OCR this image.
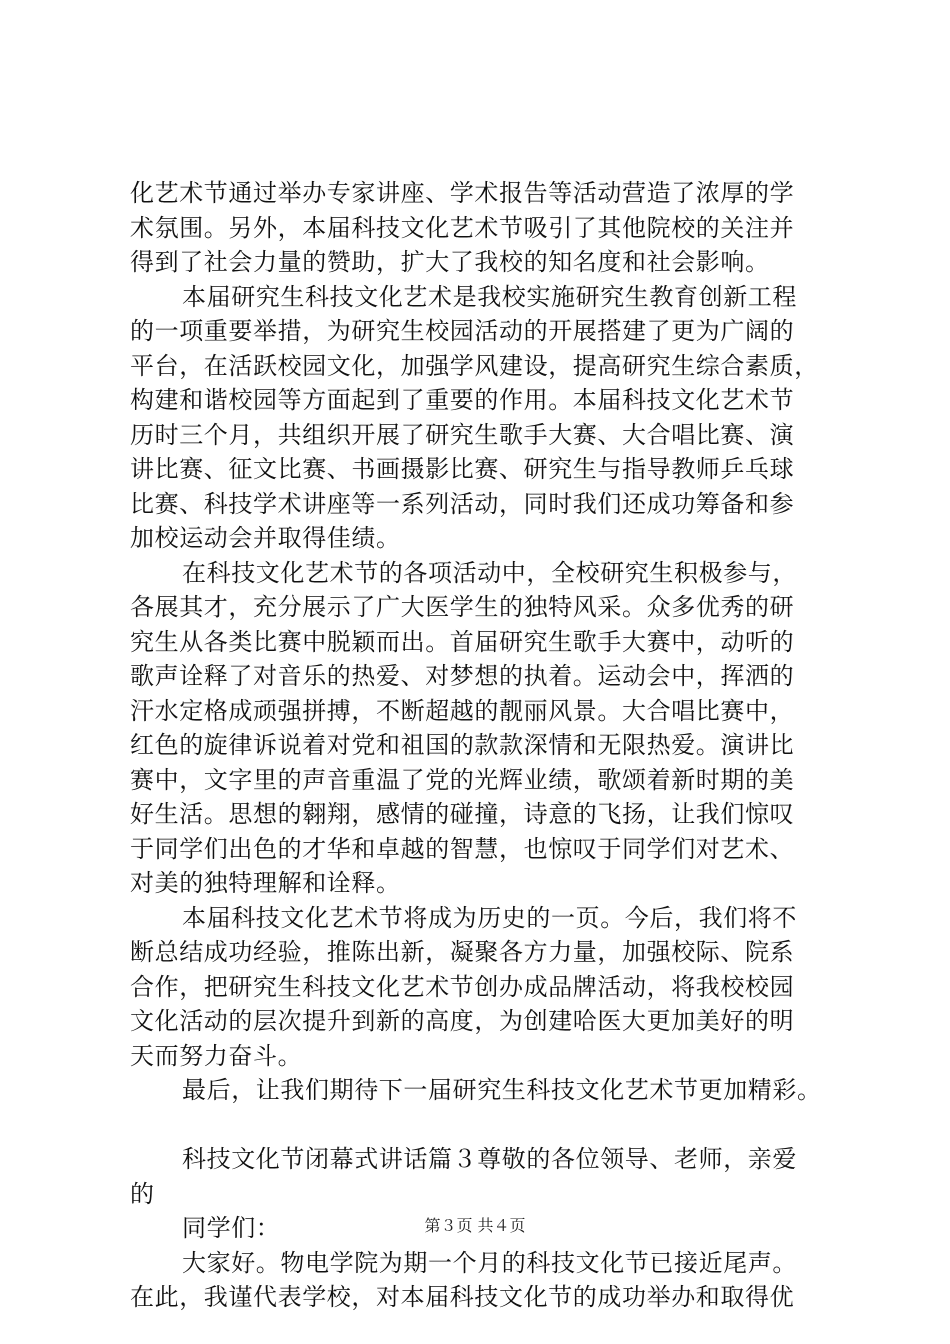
化艺术节通过举办专家讲座、学术报告等活动营造了浓厚的学
术氛围。另外，本届科技文化艺术节吸引了其他院校的关注并
得到了社会力量的赞助，扩大了我校的知名度和社会影响。
本届研究生科技文化艺术是我校实施研究生教育创新工程
的一项重要举措，为研究生校园活动的开展搭建了更为广阔的
平台，在活跃校园文化，加强学风建设，提高研究生综合素质，
构建和谐校园等方面起到了重要的作用。本届科技文化艺术节
历时三个月，共组织开展了研究生歌手大赛、大合唱比赛、演
讲比赛、征文比赛、书画摄影比赛、研究生与指导教师乒乓球
比赛、科技学术讲座等一系列活动，同时我们还成功筹备和参
加校运动会并取得佳绩。
在科技文化艺术节的各项活动中，全校研究生积极参与，
各展其才，充分展示了广大医学生的独特风采。众多优秀的研
究生从各类比赛中脱颖而出。首届研究生歌手大赛中，动听的
歌声诠释了对音乐的热爱、对梦想的执着。运动会中，挥洒的
汗水定格成顽强拼搏，不断超越的靓丽风景。大合唱比赛中，
红色的旋律诉说着对党和祖国的款款深情和无限热爱。演讲比
赛中，文字里的声音重温了党的光辉业绩，歌颂着新时期的美
好生活。思想的翱翔，感情的碰撞，诗意的飞扬，让我们惊叹
于同学们出色的才华和卓越的智慧，也惊叹于同学们对艺术、
对美的独特理解和诠释。
本届科技文化艺术节将成为历史的一页。今后，我们将不
断总结成功经验，推陈出新，凝聚各方力量，加强校际、院系
合作，把研究生科技文化艺术节创办成品牌活动，将我校校园
文化活动的层次提升到新的高度，为创建哈医大更加美好的明
天而努力奋斗。
最后，让我们期待下一届研究生科技文化艺术节更加精彩。
科技文化节闭幕式讲话篇３尊敬的各位领导、老师，亲爱
的
同学们：
大家好。物电学院为期一个月的科技文化节已接近尾声。
在此，我谨代表学校，对本届科技文化节的成功举办和取得优
第３页 共４页
